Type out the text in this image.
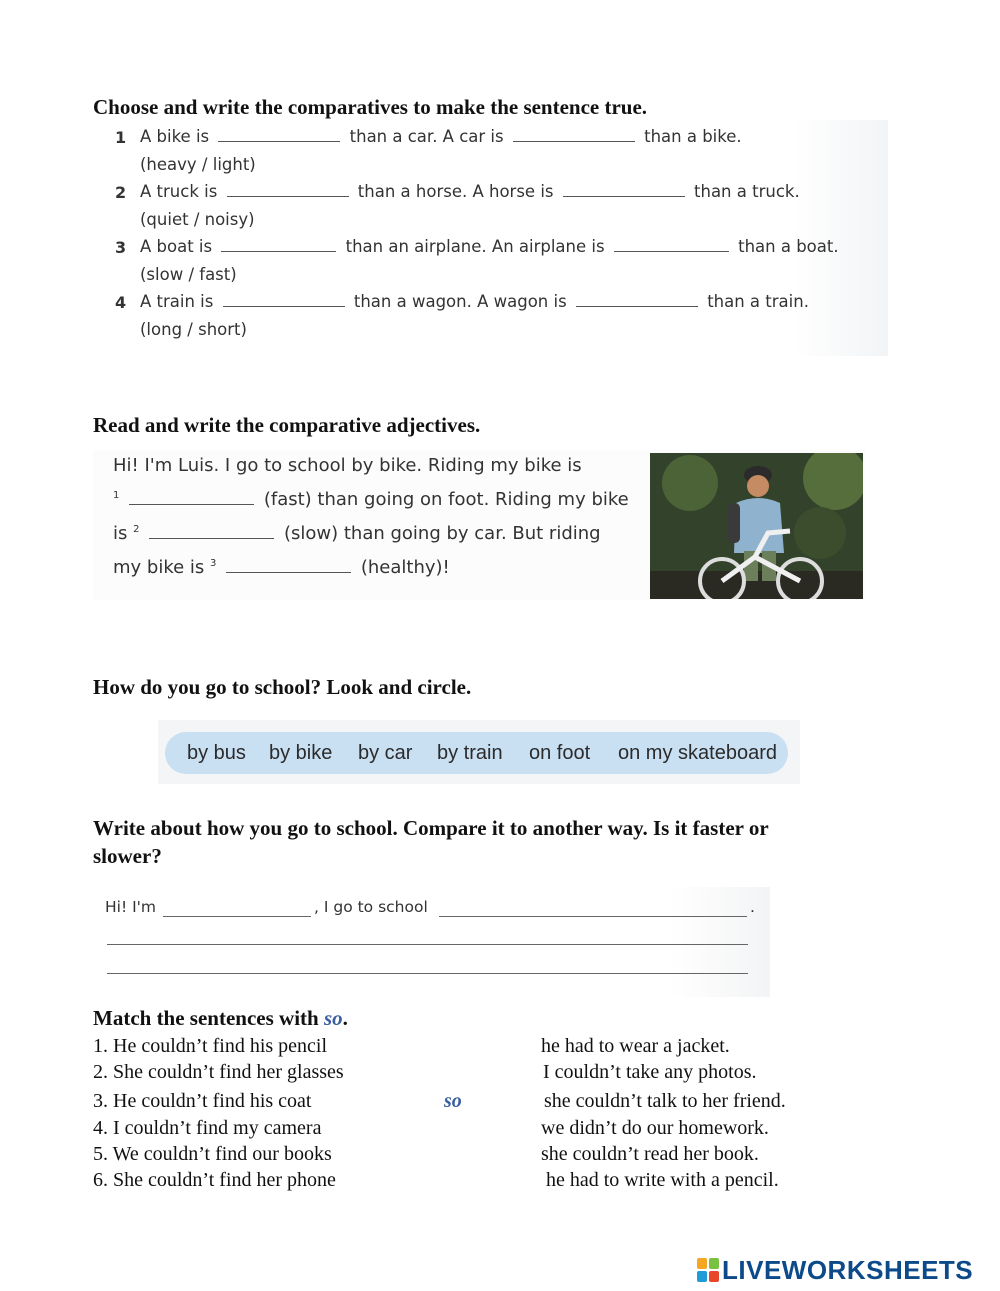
Choose and write the comparatives to make the sentence true.
1 A bike is	than a car. A car is	than a bike.
(heavy / light)
2 A truck is	than a horse. A horse is	than a truck.
(quiet / noisy)
3 A boat is	than an airplane. An airplane is	than a boat.
(slow / fast)
4 A train is	than a wagon. A wagon is	than a train.
(long / short)
Read and write the comparative adjectives.
Hi! I'm Luis. I go to school by bike. Riding my bike is
$^1$	(fast) than going on foot. Riding my bike
is $^2$	(slow) than going by car. But riding
my bike is $^3$	(healthy)!
How do you go to school? Look and circle.
by bus by bike by car by train on foot on my skateboard
Write about how you go to school. Compare it to another way. Is it faster or
slower?
Hi! I'm	, I go to school	.
Match the sentences with so.
1. He couldn’t find his pencil
2. She couldn’t find her glasses
3. He couldn’t find his coat
4. I couldn’t find my camera
5. We couldn’t find our books
6. She couldn’t find her phone
so
he had to wear a jacket.
I couldn’t take any photos.
she couldn’t talk to her friend.
we didn’t do our homework.
she couldn’t read her book.
he had to write with a pencil.
LIVEWORKSHEETS
